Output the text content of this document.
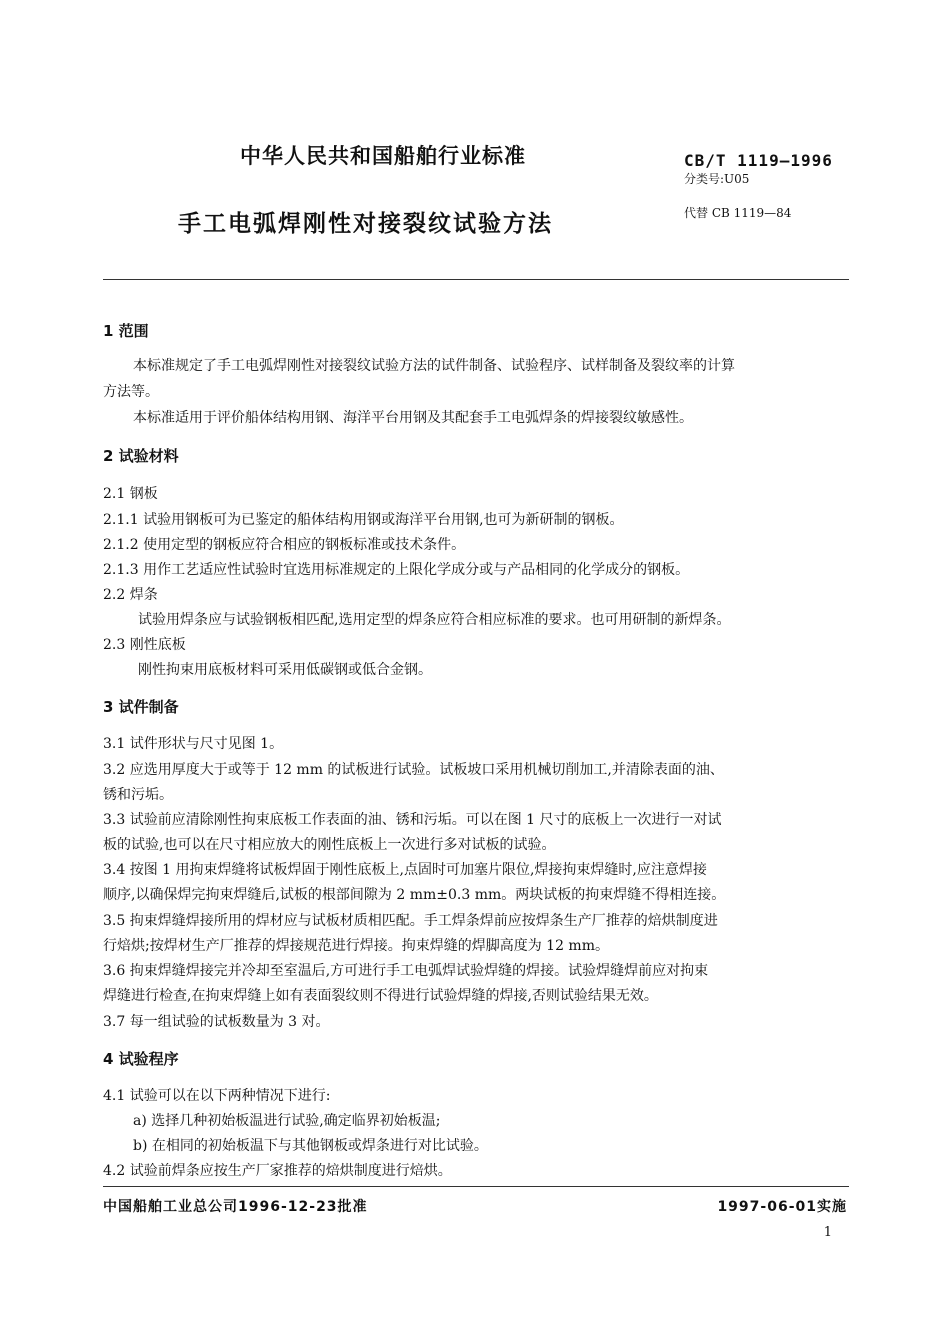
中华人民共和国船舶行业标准	CB/T 1119—1996
分类号:U05
手工电弧焊刚性对接裂纹试验方法	代替 CB 1119—84
1 范围
本标准规定了手工电弧焊刚性对接裂纹试验方法的试件制备、试验程序、试样制备及裂纹率的计算
方法等。
本标准适用于评价船体结构用钢、海洋平台用钢及其配套手工电弧焊条的焊接裂纹敏感性。
2 试验材料
2.1 钢板
2.1.1 试验用钢板可为已鉴定的船体结构用钢或海洋平台用钢,也可为新研制的钢板。
2.1.2 使用定型的钢板应符合相应的钢板标准或技术条件。
2.1.3 用作工艺适应性试验时宜选用标准规定的上限化学成分或与产品相同的化学成分的钢板。
2.2 焊条
试验用焊条应与试验钢板相匹配,选用定型的焊条应符合相应标准的要求。也可用研制的新焊条。
2.3 刚性底板
刚性拘束用底板材料可采用低碳钢或低合金钢。
3 试件制备
3.1 试件形状与尺寸见图 1。
3.2 应选用厚度大于或等于 12 mm 的试板进行试验。试板坡口采用机械切削加工,并清除表面的油、
锈和污垢。
3.3 试验前应清除刚性拘束底板工作表面的油、锈和污垢。可以在图 1 尺寸的底板上一次进行一对试
板的试验,也可以在尺寸相应放大的刚性底板上一次进行多对试板的试验。
3.4 按图 1 用拘束焊缝将试板焊固于刚性底板上,点固时可加塞片限位,焊接拘束焊缝时,应注意焊接
顺序,以确保焊完拘束焊缝后,试板的根部间隙为 2 mm±0.3 mm。两块试板的拘束焊缝不得相连接。
3.5 拘束焊缝焊接所用的焊材应与试板材质相匹配。手工焊条焊前应按焊条生产厂推荐的焙烘制度进
行焙烘;按焊材生产厂推荐的焊接规范进行焊接。拘束焊缝的焊脚高度为 12 mm。
3.6 拘束焊缝焊接完并冷却至室温后,方可进行手工电弧焊试验焊缝的焊接。试验焊缝焊前应对拘束
焊缝进行检查,在拘束焊缝上如有表面裂纹则不得进行试验焊缝的焊接,否则试验结果无效。
3.7 每一组试验的试板数量为 3 对。
4 试验程序
4.1 试验可以在以下两种情况下进行:
a) 选择几种初始板温进行试验,确定临界初始板温;
b) 在相同的初始板温下与其他钢板或焊条进行对比试验。
4.2 试验前焊条应按生产厂家推荐的焙烘制度进行焙烘。
中国船舶工业总公司1996-12-23批准	1997-06-01实施
1
